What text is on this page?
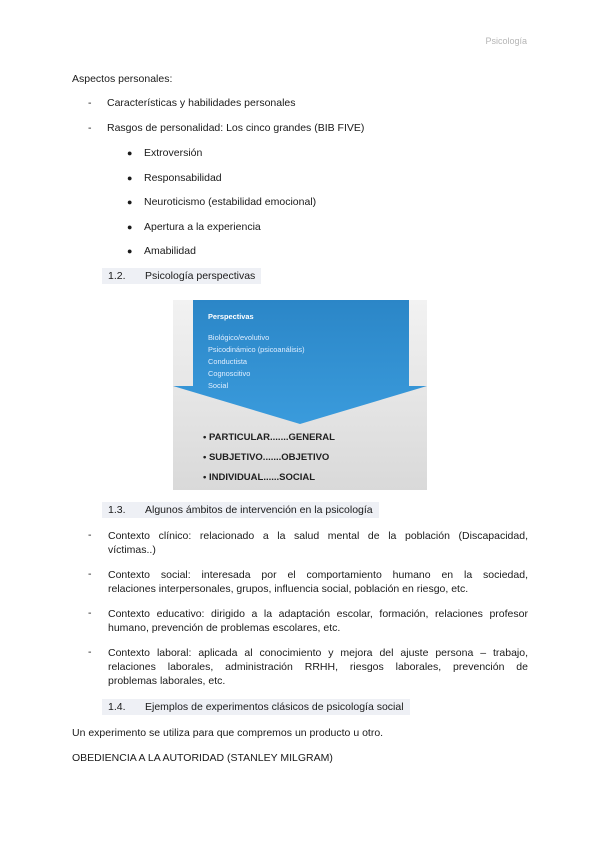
Psicología
Aspectos personales:
- Características y habilidades personales
- Rasgos de personalidad: Los cinco grandes (BIB FIVE)
● Extroversión
● Responsabilidad
● Neuroticismo (estabilidad emocional)
● Apertura a la experiencia
● Amabilidad
1.2. Psicología perspectivas
Perspectivas
Biológico/evolutivo
Psicodinámico (psicoanálisis)
Conductista
Cognoscitivo
Social
• PARTICULAR.......GENERAL
• SUBJETIVO.......OBJETIVO
• INDIVIDUAL......SOCIAL
1.3. Algunos ámbitos de intervención en la psicología
- Contexto clínico: relacionado a la salud mental de la población (Discapacidad,
víctimas..)
- Contexto social: interesada por el comportamiento humano en la sociedad,
relaciones interpersonales, grupos, influencia social, población en riesgo, etc.
- Contexto educativo: dirigido a la adaptación escolar, formación, relaciones profesor
humano, prevención de problemas escolares, etc.
- Contexto laboral: aplicada al conocimiento y mejora del ajuste persona – trabajo,
relaciones laborales, administración RRHH, riesgos laborales, prevención de
problemas laborales, etc.
1.4. Ejemplos de experimentos clásicos de psicología social
Un experimento se utiliza para que compremos un producto u otro.
OBEDIENCIA A LA AUTORIDAD (STANLEY MILGRAM)
